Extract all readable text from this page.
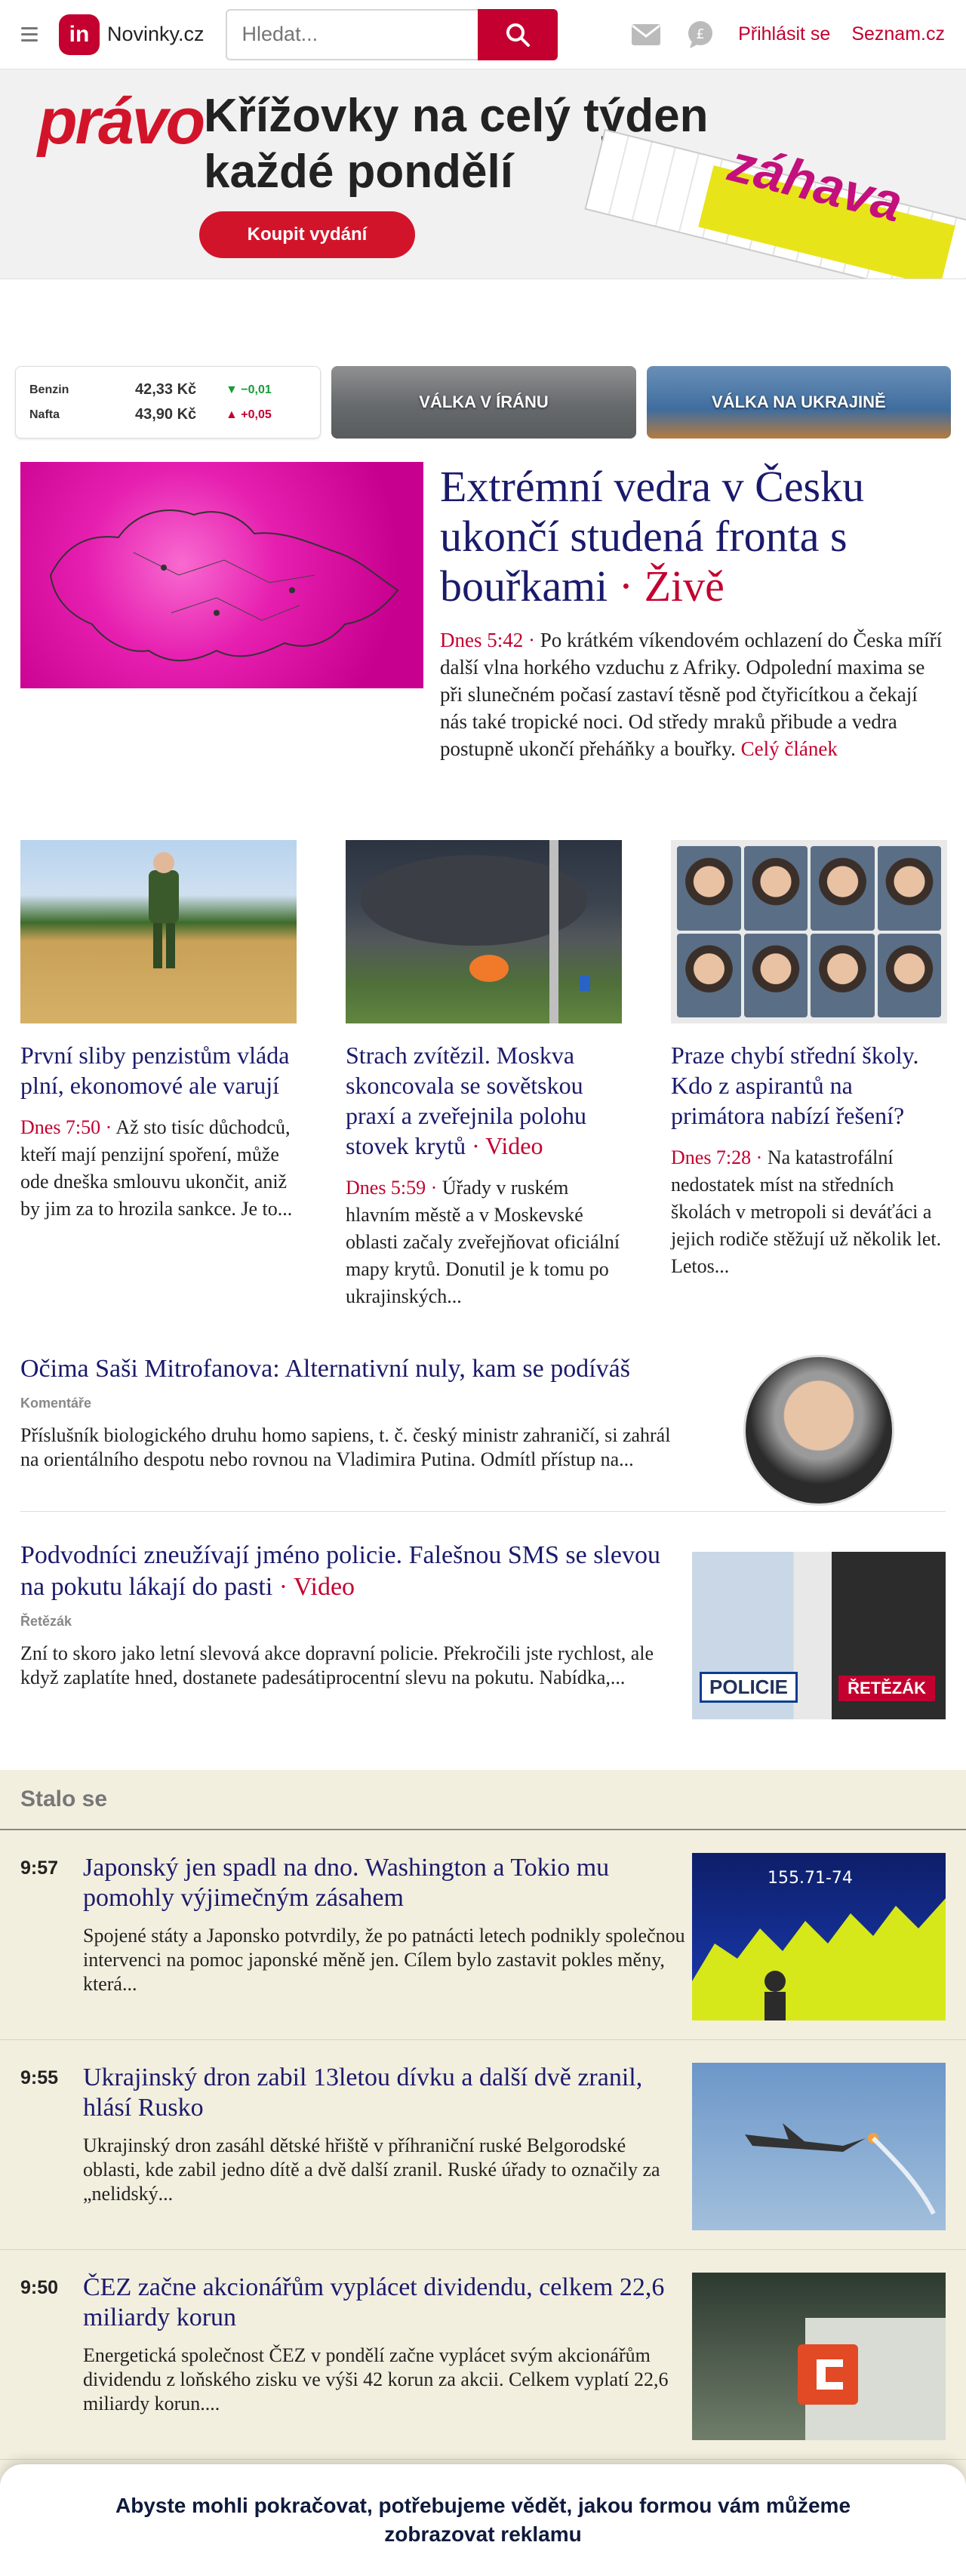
in Novinky.cz
Hledat...	£ Přihlásit se Seznam.cz
právo Křížovky na celý týden
každé pondělí
Koupit vydání
záhava
Benzin	42,33 Kč	▼ −0,01
Nafta	43,90 Kč	▲ +0,05
VÁLKA V ÍRÁNU	VÁLKA NA UKRAJINĚ
Extrémní vedra v Česku ukončí studená fronta s bouřkami · Živě

Dnes 5:42 · Po krátkém víkendovém ochlazení do Česka míří další vlna horkého vzduchu z Afriky. Odpolední maxima se při slunečném počasí zastaví těsně pod čtyřicítkou a čekají nás také tropické noci. Od středy mraků přibude a vedra postupně ukončí přeháňky a bouřky. Celý článek

První sliby penzistům vláda plní, ekonomové ale varují

Dnes 7:50 · Až sto tisíc důchodců, kteří mají penzijní spoření, může ode dneška smlouvu ukončit, aniž by jim za to hrozila sankce. Je to...

Strach zvítězil. Moskva skoncovala se sovětskou praxí a zveřejnila polohu stovek krytů · Video

Dnes 5:59 · Úřady v ruském hlavním městě a v Moskevské oblasti začaly zveřejňovat oficiální mapy krytů. Donutil je k tomu po ukrajinských...

Praze chybí střední školy. Kdo z aspirantů na primátora nabízí řešení?

Dnes 7:28 · Na katastrofální nedostatek míst na středních školách v metropoli si deváťáci a jejich rodiče stěžují už několik let. Letos...

Očima Saši Mitrofanova: Alternativní nuly, kam se podíváš
Komentáře

Příslušník biologického druhu homo sapiens, t. č. český ministr zahraničí, si zahrál na orientálního despotu nebo rovnou na Vladimira Putina. Odmítl přístup na...

Podvodníci zneužívají jméno policie. Falešnou SMS se slevou na pokutu lákají do pasti · Video
Řetězák

Zní to skoro jako letní slevová akce dopravní policie. Překročili jste rychlost, ale když zaplatíte hned, dostanete padesátiprocentní slevu na pokutu. Nabídka,...	POLICIE	ŘETĚZÁK
Stalo se
9:57 Japonský jen spadl na dno. Washington a Tokio mu pomohly výjimečným zásahem

Spojené státy a Japonsko potvrdily, že po patnácti letech podnikly společnou intervenci na pomoc japonské měně jen. Cílem bylo zastavit pokles měny, která...

155.71-74
9:55 Ukrajinský dron zabil 13letou dívku a další dvě zranil, hlásí Rusko

Ukrajinský dron zasáhl dětské hřiště v příhraniční ruské Belgorodské oblasti, kde zabil jedno dítě a dvě další zranil. Ruské úřady to označily za „nelidský...

9:50 ČEZ začne akcionářům vyplácet dividendu, celkem 22,6 miliardy korun

Energetická společnost ČEZ v pondělí začne vyplácet svým akcionářům dividendu z loňského zisku ve výši 42 korun za akcii. Celkem vyplatí 22,6 miliardy korun....

Abyste mohli pokračovat, potřebujeme vědět, jakou formou vám můžeme zobrazovat reklamu
